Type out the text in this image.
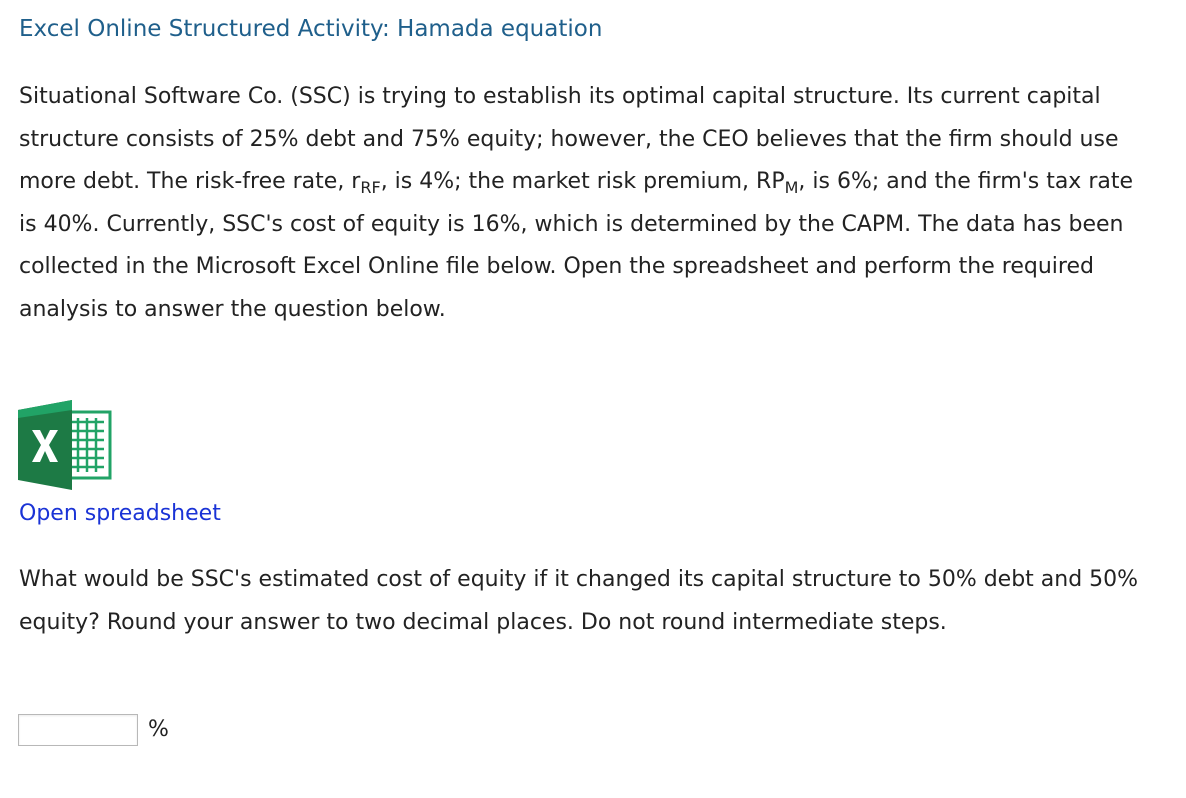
Excel Online Structured Activity: Hamada equation
Situational Software Co. (SSC) is trying to establish its optimal capital structure. Its current capital structure consists of 25% debt and 75% equity; however, the CEO believes that the firm should use more debt. The risk-free rate, $r_{RF}$, is 4%; the market risk premium, $RP_M$, is 6%; and the firm's tax rate is 40%. Currently, SSC's cost of equity is 16%, which is determined by the CAPM. The data has been collected in the Microsoft Excel Online file below. Open the spreadsheet and perform the required analysis to answer the question below.
Open spreadsheet
What would be SSC's estimated cost of equity if it changed its capital structure to 50% debt and 50% equity? Round your answer to two decimal places. Do not round intermediate steps.
%
